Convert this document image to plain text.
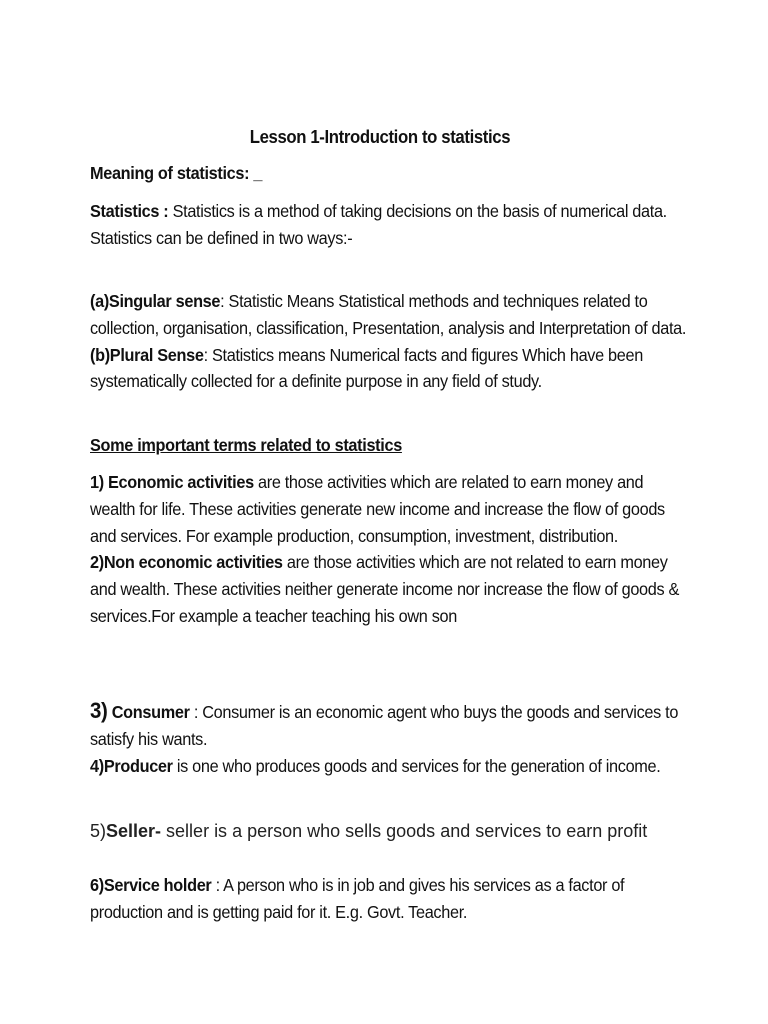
Lesson 1-Introduction to statistics
Meaning of statistics: _
Statistics : Statistics is a method of taking decisions on the basis of numerical data.
Statistics can be defined in two ways:-
(a)Singular sense: Statistic Means Statistical methods and techniques related to collection, organisation, classification, Presentation, analysis and Interpretation of data.
(b)Plural Sense: Statistics means Numerical facts and figures Which have been systematically collected for a definite purpose in any field of study.
Some important terms related to statistics
1) Economic activities are those activities which are related to earn money and wealth for life. These activities generate new income and increase the flow of goods and services. For example production, consumption, investment, distribution.
2)Non economic activities are those activities which are not related to earn money and wealth. These activities neither generate income nor increase the flow of goods & services.For example a teacher teaching his own son
3) Consumer : Consumer is an economic agent who buys the goods and services to satisfy his wants.
4)Producer is one who produces goods and services for the generation of income.
5)Seller- seller is a person who sells goods and services to earn profit
6)Service holder : A person who is in job and gives his services as a factor of production and is getting paid for it. E.g. Govt. Teacher.
